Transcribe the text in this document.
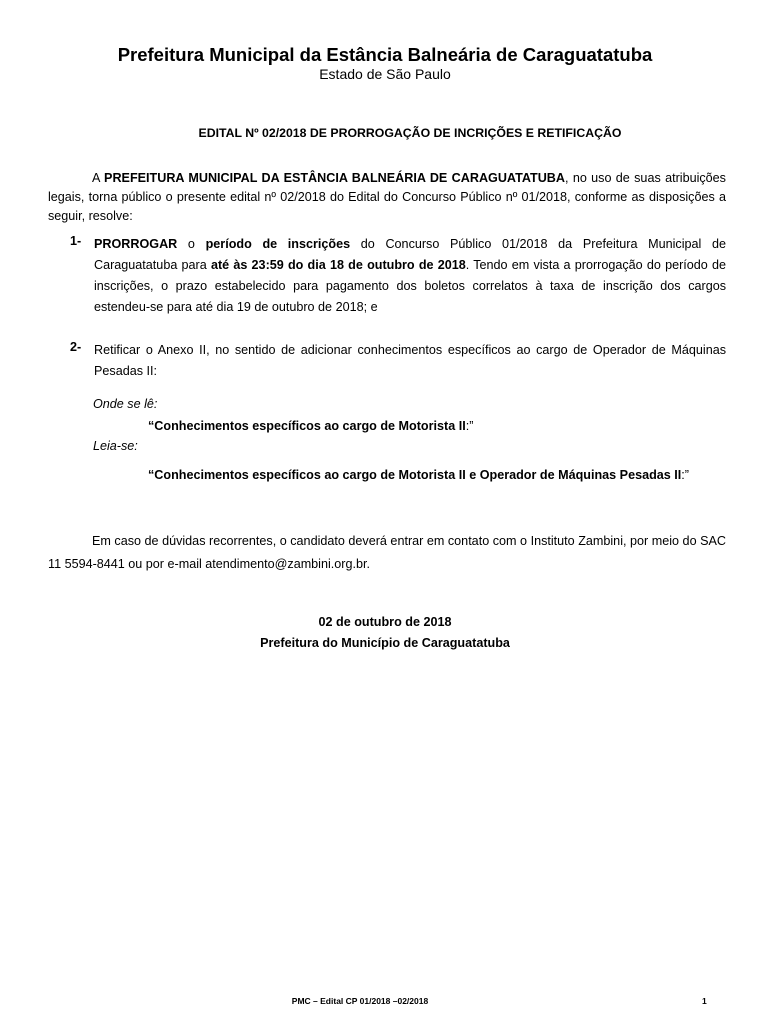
Prefeitura Municipal da Estância Balneária de Caraguatatuba
Estado de São Paulo
EDITAL Nº 02/2018 DE PRORROGAÇÃO DE INCRIÇÕES E RETIFICAÇÃO
A PREFEITURA MUNICIPAL DA ESTÂNCIA BALNEÁRIA DE CARAGUATATUBA, no uso de suas atribuições legais, torna público o presente edital nº 02/2018 do Edital do Concurso Público nº 01/2018, conforme as disposições a seguir, resolve:
1- PRORROGAR o período de inscrições do Concurso Público 01/2018 da Prefeitura Municipal de Caraguatatuba para até às 23:59 do dia 18 de outubro de 2018. Tendo em vista a prorrogação do período de inscrições, o prazo estabelecido para pagamento dos boletos correlatos à taxa de inscrição dos cargos estendeu-se para até dia 19 de outubro de 2018; e
2- Retificar o Anexo II, no sentido de adicionar conhecimentos específicos ao cargo de Operador de Máquinas Pesadas II:
Onde se lê:
“Conhecimentos específicos ao cargo de Motorista II:”
Leia-se:
“Conhecimentos específicos ao cargo de Motorista II e Operador de Máquinas Pesadas II:”
Em caso de dúvidas recorrentes, o candidato deverá entrar em contato com o Instituto Zambini, por meio do SAC 11 5594-8441 ou por e-mail atendimento@zambini.org.br.
02 de outubro de 2018
Prefeitura do Município de Caraguatatuba
PMC – Edital CP 01/2018 –02/2018	1
